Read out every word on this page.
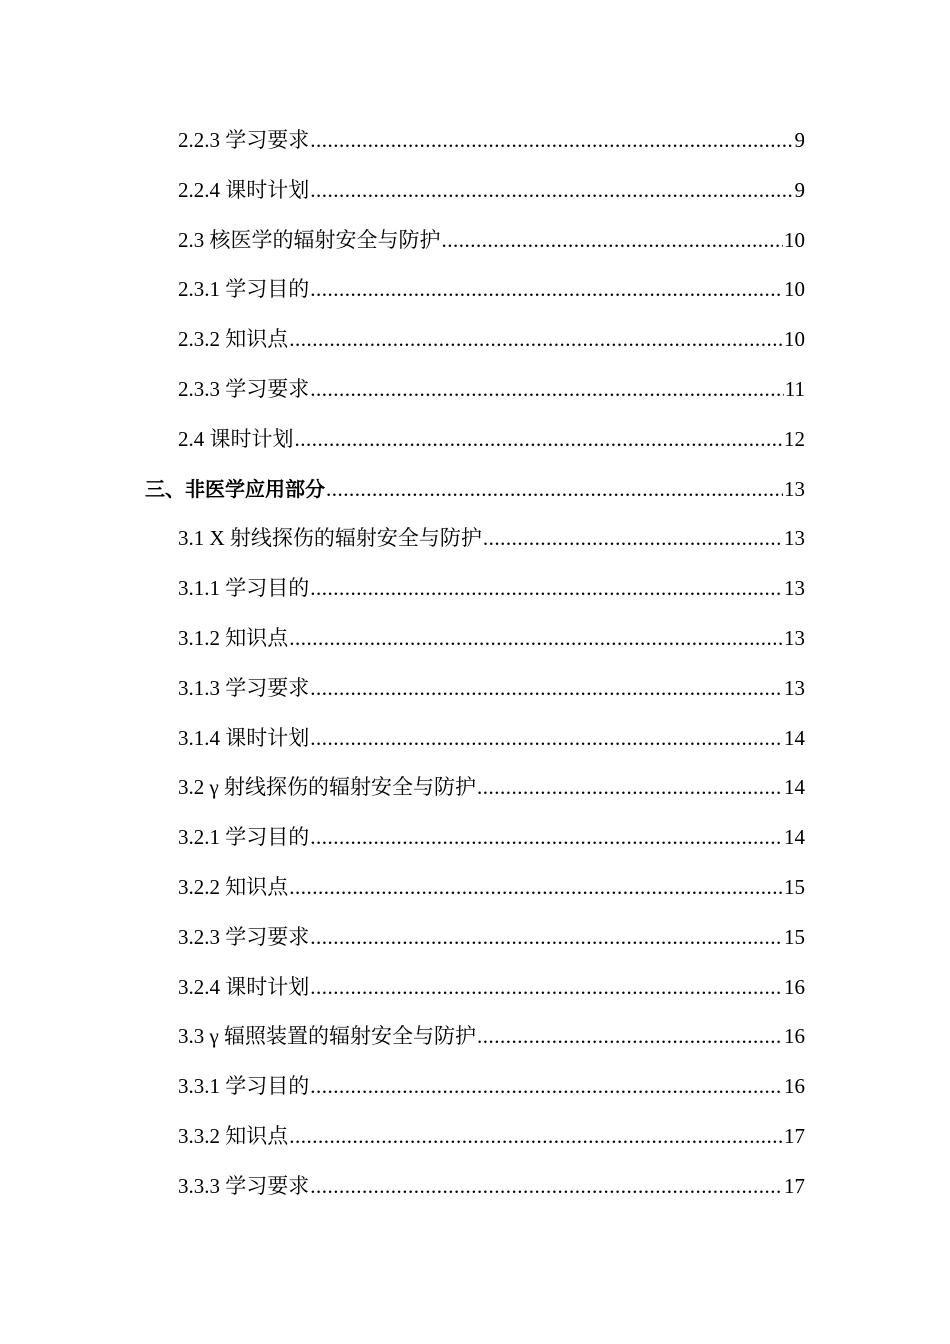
2.2.3 学习要求 .....	9
2.2.4 课时计划 .....	9
2.3 核医学的辐射安全与防护 .....	10
2.3.1 学习目的 .....	10
2.3.2 知识点 .....	10
2.3.3 学习要求 .....	11
2.4 课时计划 .....	12
三、非医学应用部分 .....	13
3.1 X 射线探伤的辐射安全与防护 .....	13
3.1.1 学习目的 .....	13
3.1.2 知识点 .....	13
3.1.3 学习要求 .....	13
3.1.4 课时计划 .....	14
3.2 γ 射线探伤的辐射安全与防护 .....	14
3.2.1 学习目的 .....	14
3.2.2 知识点 .....	15
3.2.3 学习要求 .....	15
3.2.4 课时计划 .....	16
3.3 γ 辐照装置的辐射安全与防护 .....	16
3.3.1 学习目的 .....	16
3.3.2 知识点 .....	17
3.3.3 学习要求 .....	17
